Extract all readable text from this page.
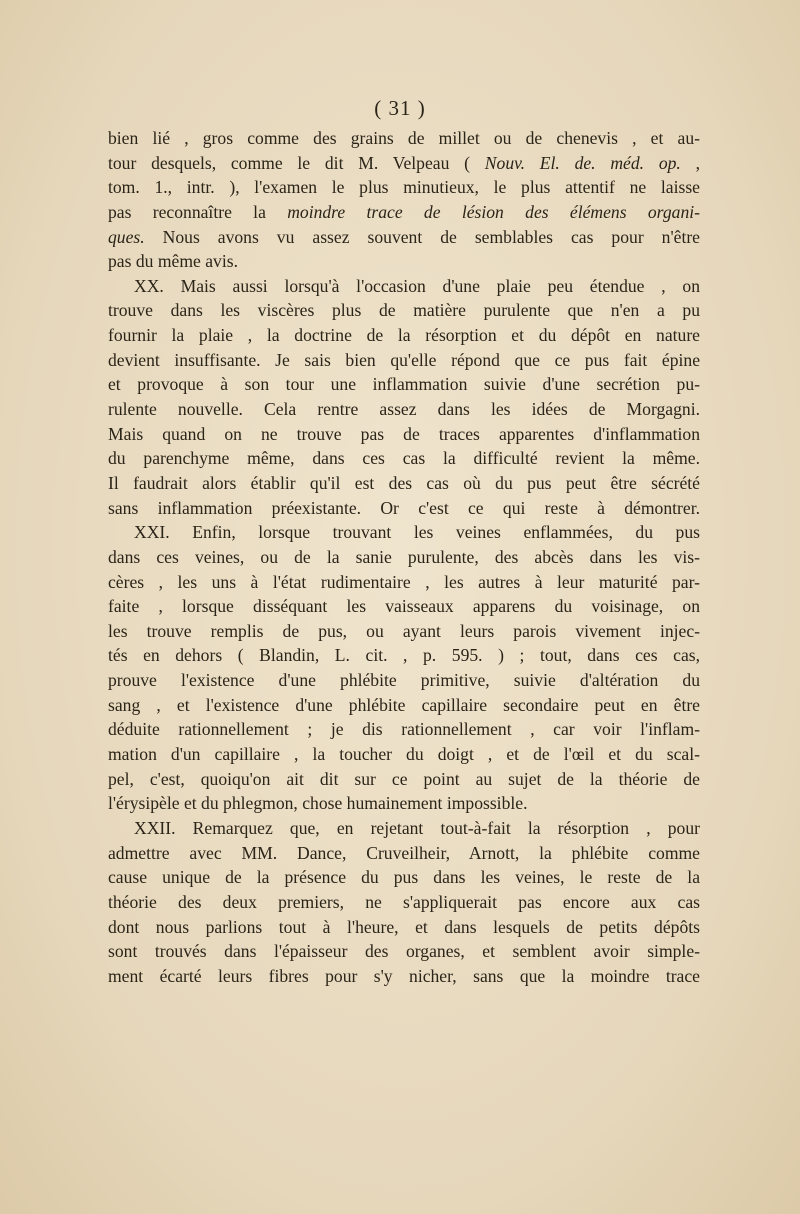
( 31 )
bien lié , gros comme des grains de millet ou de chenevis , et au-
tour desquels, comme le dit M. Velpeau ( Nouv. El. de. méd. op. ,
tom. 1., intr. ), l'examen le plus minutieux, le plus attentif ne laisse
pas reconnaître la moindre trace de lésion des élémens organi-
ques. Nous avons vu assez souvent de semblables cas pour n'être
pas du même avis.
XX. Mais aussi lorsqu'à l'occasion d'une plaie peu étendue , on
trouve dans les viscères plus de matière purulente que n'en a pu
fournir la plaie , la doctrine de la résorption et du dépôt en nature
devient insuffisante. Je sais bien qu'elle répond que ce pus fait épine
et provoque à son tour une inflammation suivie d'une secrétion pu-
rulente nouvelle. Cela rentre assez dans les idées de Morgagni.
Mais quand on ne trouve pas de traces apparentes d'inflammation
du parenchyme même, dans ces cas la difficulté revient la même.
Il faudrait alors établir qu'il est des cas où du pus peut être sécrété
sans inflammation préexistante. Or c'est ce qui reste à démontrer.
XXI. Enfin, lorsque trouvant les veines enflammées, du pus
dans ces veines, ou de la sanie purulente, des abcès dans les vis-
cères , les uns à l'état rudimentaire , les autres à leur maturité par-
faite , lorsque disséquant les vaisseaux apparens du voisinage, on
les trouve remplis de pus, ou ayant leurs parois vivement injec-
tés en dehors ( Blandin, L. cit. , p. 595. ) ; tout, dans ces cas,
prouve l'existence d'une phlébite primitive, suivie d'altération du
sang , et l'existence d'une phlébite capillaire secondaire peut en être
déduite rationnellement ; je dis rationnellement , car voir l'inflam-
mation d'un capillaire , la toucher du doigt , et de l'œil et du scal-
pel, c'est, quoiqu'on ait dit sur ce point au sujet de la théorie de
l'érysipèle et du phlegmon, chose humainement impossible.
XXII. Remarquez que, en rejetant tout-à-fait la résorption , pour
admettre avec MM. Dance, Cruveilheir, Arnott, la phlébite comme
cause unique de la présence du pus dans les veines, le reste de la
théorie des deux premiers, ne s'appliquerait pas encore aux cas
dont nous parlions tout à l'heure, et dans lesquels de petits dépôts
sont trouvés dans l'épaisseur des organes, et semblent avoir simple-
ment écarté leurs fibres pour s'y nicher, sans que la moindre trace
